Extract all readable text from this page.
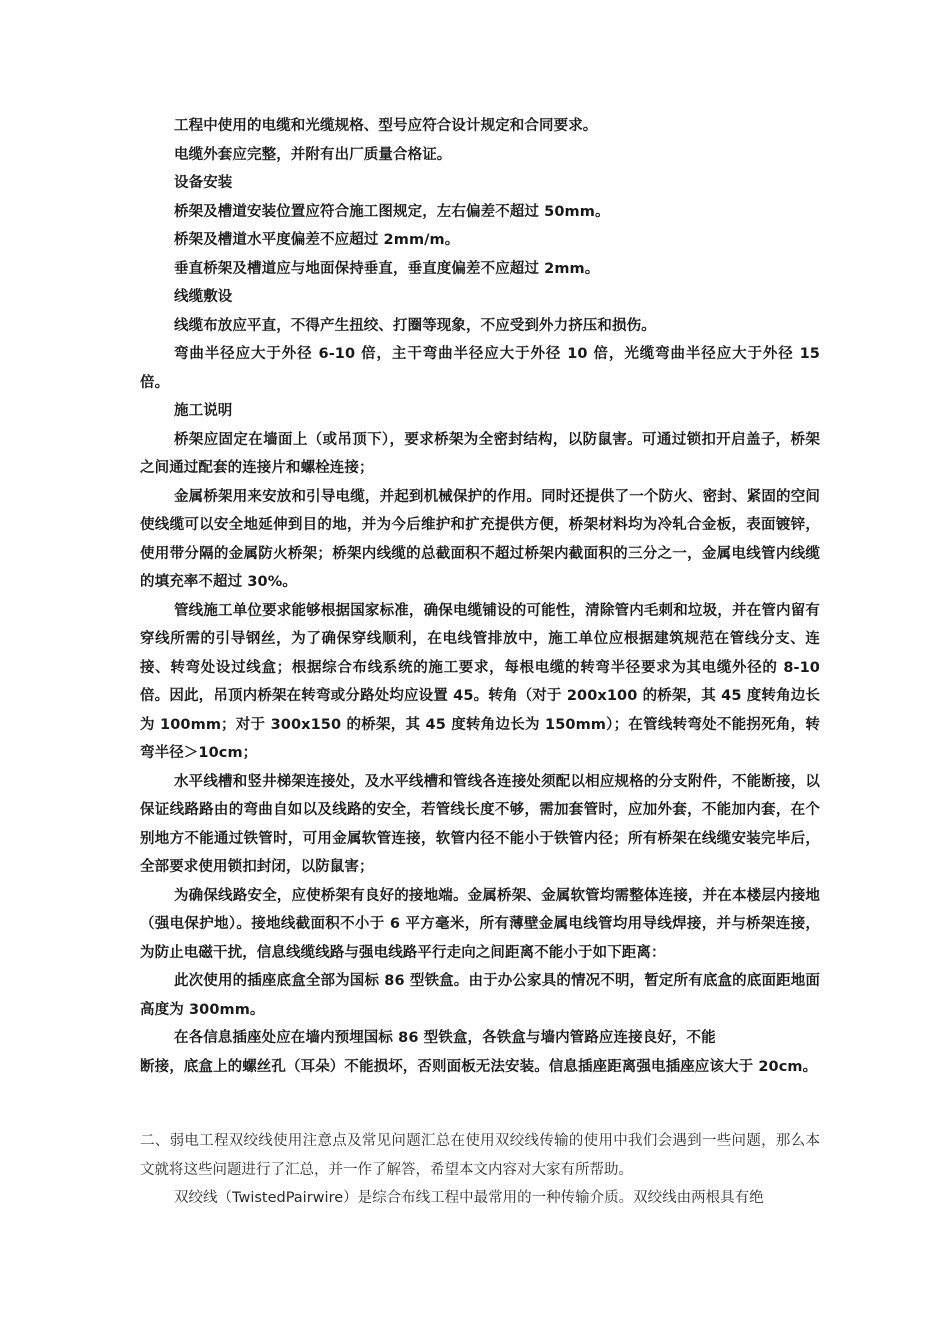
工程中使用的电缆和光缆规格、型号应符合设计规定和合同要求。

电缆外套应完整，并附有出厂质量合格证。

设备安装

桥架及槽道安装位置应符合施工图规定，左右偏差不超过 50mm。

桥架及槽道水平度偏差不应超过 2mm/m。

垂直桥架及槽道应与地面保持垂直，垂直度偏差不应超过 2mm。

线缆敷设

线缆布放应平直，不得产生扭绞、打圈等现象，不应受到外力挤压和损伤。

弯曲半径应大于外径 6-10 倍，主干弯曲半径应大于外径 10 倍，光缆弯曲半径应大于外径 15 倍。

施工说明

桥架应固定在墙面上（或吊顶下），要求桥架为全密封结构，以防鼠害。可通过锁扣开启盖子，桥架之间通过配套的连接片和螺栓连接；

金属桥架用来安放和引导电缆，并起到机械保护的作用。同时还提供了一个防火、密封、紧固的空间使线缆可以安全地延伸到目的地，并为今后维护和扩充提供方便，桥架材料均为冷轧合金板，表面镀锌，使用带分隔的金属防火桥架；桥架内线缆的总截面积不超过桥架内截面积的三分之一，金属电线管内线缆的填充率不超过 30%。

管线施工单位要求能够根据国家标准，确保电缆铺设的可能性，清除管内毛刺和垃圾，并在管内留有穿线所需的引导钢丝，为了确保穿线顺利，在电线管排放中，施工单位应根据建筑规范在管线分支、连接、转弯处设过线盒；根据综合布线系统的施工要求，每根电缆的转弯半径要求为其电缆外径的 8-10 倍。因此，吊顶内桥架在转弯或分路处均应设置 45。转角（对于 200x100 的桥架，其 45 度转角边长为 100mm；对于 300x150 的桥架，其 45 度转角边长为 150mm）；在管线转弯处不能拐死角，转弯半径＞10cm；

水平线槽和竖井梯架连接处，及水平线槽和管线各连接处须配以相应规格的分支附件，不能断接，以保证线路路由的弯曲自如以及线路的安全，若管线长度不够，需加套管时，应加外套，不能加内套，在个别地方不能通过铁管时，可用金属软管连接，软管内径不能小于铁管内径；所有桥架在线缆安装完毕后，全部要求使用锁扣封闭，以防鼠害；

为确保线路安全，应使桥架有良好的接地端。金属桥架、金属软管均需整体连接，并在本楼层内接地（强电保护地）。接地线截面积不小于 6 平方毫米，所有薄壁金属电线管均用导线焊接，并与桥架连接，为防止电磁干扰，信息线缆线路与强电线路平行走向之间距离不能小于如下距离：

此次使用的插座底盒全部为国标 86 型铁盒。由于办公家具的情况不明，暂定所有底盒的底面距地面高度为 300mm。

在各信息插座处应在墙内预埋国标 86 型铁盒，各铁盒与墙内管路应连接良好，不能

断接，底盒上的螺丝孔（耳朵）不能损坏，否则面板无法安装。信息插座距离强电插座应该大于 20cm。

二、弱电工程双绞线使用注意点及常见问题汇总在使用双绞线传输的使用中我们会遇到一些问题，那么本文就将这些问题进行了汇总，并一作了解答，希望本文内容对大家有所帮助。

双绞线（TwistedPairwire）是综合布线工程中最常用的一种传输介质。双绞线由两根具有绝
